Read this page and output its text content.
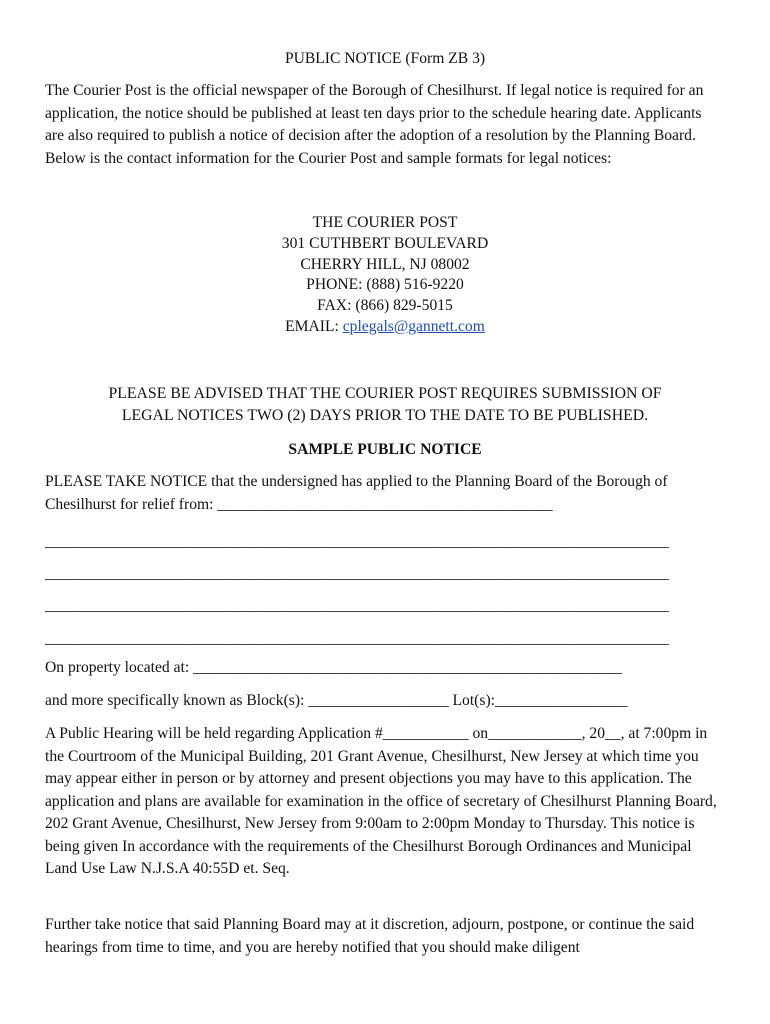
PUBLIC NOTICE (Form ZB 3)
The Courier Post is the official newspaper of the Borough of Chesilhurst. If legal notice is required for an application, the notice should be published at least ten days prior to the schedule hearing date. Applicants are also required to publish a notice of decision after the adoption of a resolution by the Planning Board. Below is the contact information for the Courier Post and sample formats for legal notices:
THE COURIER POST
301 CUTHBERT BOULEVARD
CHERRY HILL, NJ 08002
PHONE: (888) 516-9220
FAX: (866) 829-5015
EMAIL: cplegals@gannett.com
PLEASE BE ADVISED THAT THE COURIER POST REQUIRES SUBMISSION OF
LEGAL NOTICES TWO (2) DAYS PRIOR TO THE DATE TO BE PUBLISHED.
SAMPLE PUBLIC NOTICE
PLEASE TAKE NOTICE that the undersigned has applied to the Planning Board of the Borough of Chesilhurst for relief from: ___________________________________________
________________________________________________________________________________
________________________________________________________________________________
________________________________________________________________________________
________________________________________________________________________________
On property located at: _______________________________________________________
and more specifically known as Block(s): __________________ Lot(s):_________________
A Public Hearing will be held regarding Application #___________ on____________, 20__, at 7:00pm in the Courtroom of the Municipal Building, 201 Grant Avenue, Chesilhurst, New Jersey at which time you may appear either in person or by attorney and present objections you may have to this application. The application and plans are available for examination in the office of secretary of Chesilhurst Planning Board, 202 Grant Avenue, Chesilhurst, New Jersey from 9:00am to 2:00pm Monday to Thursday. This notice is being given In accordance with the requirements of the Chesilhurst Borough Ordinances and Municipal Land Use Law N.J.S.A 40:55D et. Seq.
Further take notice that said Planning Board may at it discretion, adjourn, postpone, or continue the said hearings from time to time, and you are hereby notified that you should make diligent
